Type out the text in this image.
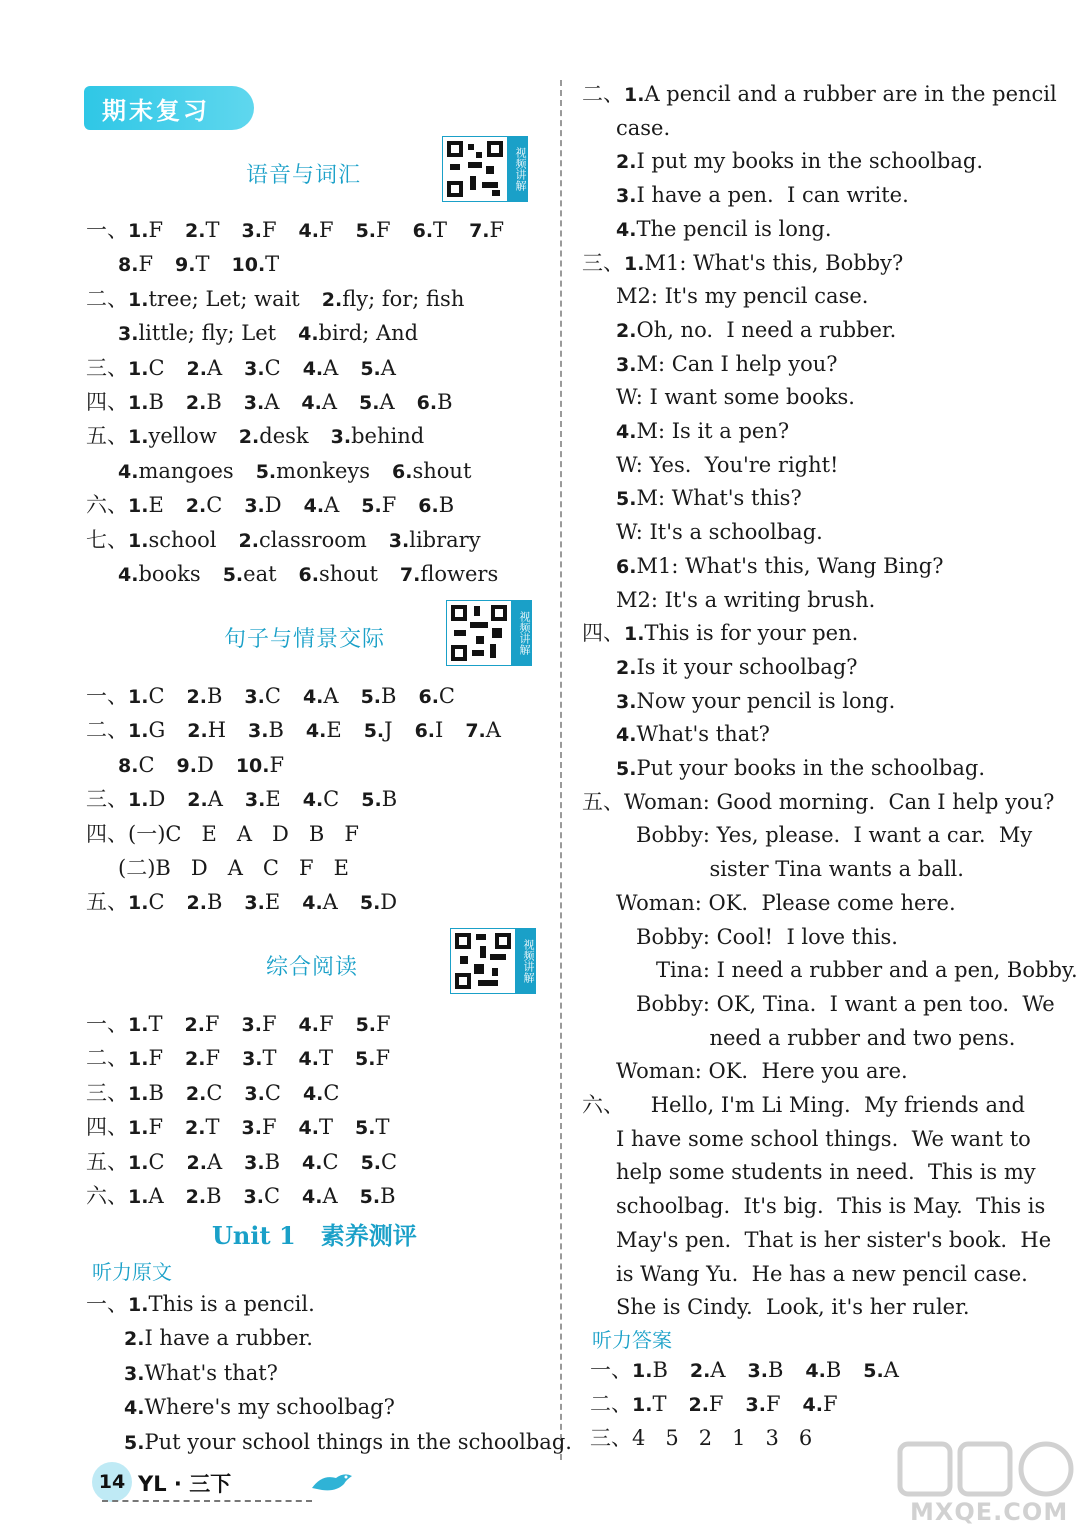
期末复习
语音与词汇
句子与情景交际
综合阅读
视频讲解
视频讲解
视频讲解
Unit 1   素养测评
听力原文
听力答案
一、1.F 2.T 3.F 4.F 5.F 6.T 7.F
8.F 9.T 10.T
二、1.tree; Let; wait 2.fly; for; fish
3.little; fly; Let 4.bird; And
三、1.C 2.A 3.C 4.A 5.A
四、1.B 2.B 3.A 4.A 5.A 6.B
五、1.yellow 2.desk 3.behind
4.mangoes 5.monkeys 6.shout
六、1.E 2.C 3.D 4.A 5.F 6.B
七、1.school 2.classroom 3.library
4.books 5.eat 6.shout 7.flowers
一、1.C 2.B 3.C 4.A 5.B 6.C
二、1.G 2.H 3.B 4.E 5.J 6.I 7.A
8.C 9.D 10.F
三、1.D 2.A 3.E 4.C 5.B
四、(一)C   E   A   D   B   F
(二)B   D   A   C   F   E
五、1.C 2.B 3.E 4.A 5.D
一、1.T 2.F 3.F 4.F 5.F
二、1.F 2.F 3.T 4.T 5.F
三、1.B 2.C 3.C 4.C
四、1.F 2.T 3.F 4.T 5.T
五、1.C 2.A 3.B 4.C 5.C
六、1.A 2.B 3.C 4.A 5.B
一、1.This is a pencil.
2.I have a rubber.
3.What's that?
4.Where's my schoolbag?
5.Put your school things in the schoolbag.
二、1.A pencil and a rubber are in the pencil
case.
2.I put my books in the schoolbag.
3.I have a pen.  I can write.
4.The pencil is long.
三、1.M1: What's this, Bobby?
M2: It's my pencil case.
2.Oh, no.  I need a rubber.
3.M: Can I help you?
W: I want some books.
4.M: Is it a pen?
W: Yes.  You're right!
5.M: What's this?
W: It's a schoolbag.
6.M1: What's this, Wang Bing?
M2: It's a writing brush.
四、1.This is for your pen.
2.Is it your schoolbag?
3.Now your pencil is long.
4.What's that?
5.Put your books in the schoolbag.
五、Woman: Good morning.  Can I help you?
Bobby: Yes, please.  I want a car.  My
sister Tina wants a ball.
Woman: OK.  Please come here.
Bobby: Cool!  I love this.
Tina: I need a rubber and a pen, Bobby.
Bobby: OK, Tina.  I want a pen too.  We
need a rubber and two pens.
Woman: OK.  Here you are.
六、    Hello, I'm Li Ming.  My friends and
I have some school things.  We want to
help some students in need.  This is my
schoolbag.  It's big.  This is May.  This is
May's pen.  That is her sister's book.  He
is Wang Yu.  He has a new pencil case.
She is Cindy.  Look, it's her ruler.
一、1.B 2.A 3.B 4.B 5.A
二、1.T 2.F 3.F 4.F
三、4   5   2   1   3   6
14 YL · 三下
MXQE.COM
